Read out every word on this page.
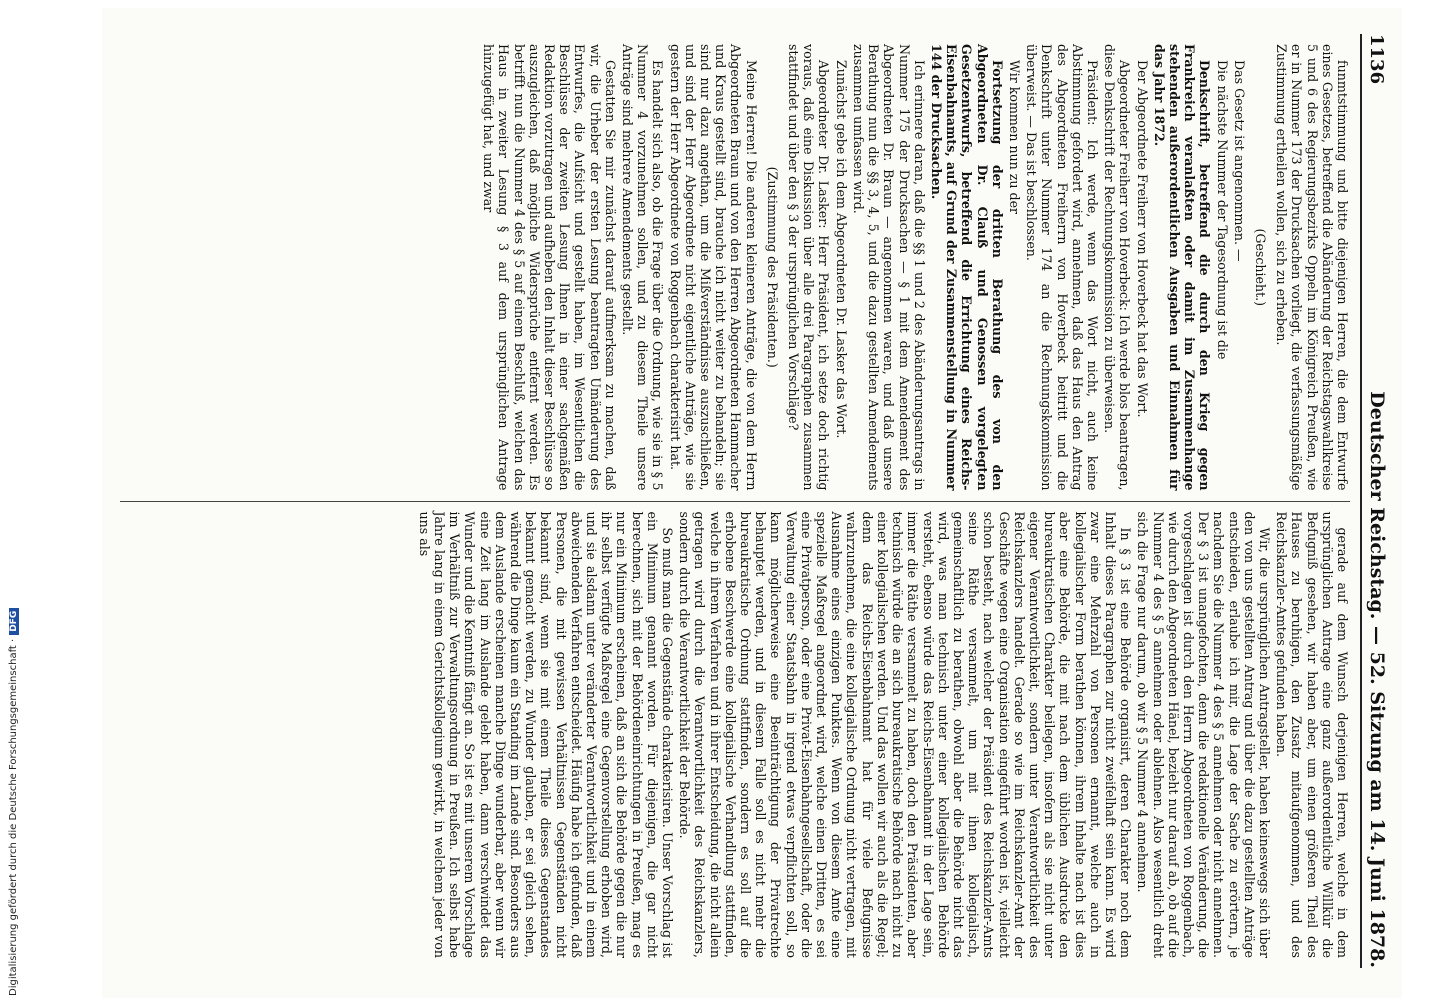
1136
Deutscher Reichstag. — 52. Sitzung am 14. Juni 1878.

funmtstimmung und bitte diejenigen Herren, die dem Entwurfe eines Gesetzes, betreffend die Abänderung der Reichstagswahlkreise 5 und 6 des Regierungsbezirks Oppeln im Königreich Preußen, wie er in Nummer 173 der Drucksachen vorliegt, die verfassungsmäßige Zustimmung ertheilen wollen, sich zu erheben.

(Geschieht.)

Das Gesetz ist angenommen. —

Die nächste Nummer der Tagesordnung ist die

Denkschrift, betreffend die durch den Krieg gegen Frankreich veranlaßten oder damit im Zusammenhange stehenden außerordentlichen Ausgaben und Einnahmen für das Jahr 1872.

Der Abgeordnete Freiherr von Hoverbeck hat das Wort.

Abgeordneter Freiherr von Hoverbeck: Ich werde blos beantragen, diese Denkschrift der Rechnungskommission zu überweisen.

Präsident: Ich werde, wenn das Wort nicht, auch keine Abstimmung gefordert wird, annehmen, daß das Haus den Antrag des Abgeordneten Freiherrn von Hoverbeck beitritt und die Denkschrift unter Nummer 174 an die Rechnungskommission überweist. — Das ist beschlossen.

Wir kommen nun zu der

Fortsetzung der dritten Berathung des von den Abgeordneten Dr. Clauß und Genossen vorgelegten Gesetzentwurfs, betreffend die Errichtung eines Reichs-Eisenbahnamts, auf Grund der Zusammenstellung in Nummer 144 der Drucksachen.

Ich erinnere daran, daß die §§ 1 und 2 des Abänderungsantrags in Nummer 175 der Drucksachen — § 1 mit dem Amendement des Abgeordneten Dr. Braun — angenommen waren, und daß unsere Berathung nun die §§ 3, 4, 5, und die dazu gestellten Amendements zusammen umfassen wird.

Zunächst gebe ich dem Abgeordneten Dr. Lasker das Wort.

Abgeordneter Dr. Lasker: Herr Präsident, ich setze doch richtig voraus, daß eine Diskussion über alle drei Paragraphen zusammen stattfindet und über den § 3 der ursprünglichen Vorschläge?

(Zustimmung des Präsidenten.)

Meine Herren! Die anderen kleineren Anträge, die von dem Herrn Abgeordneten Braun und von den Herren Abgeordneten Hammacher und Kraus gestellt sind, brauche ich nicht weiter zu behandeln; sie sind nur dazu angethan, um die Mißverständnisse auszuschließen, und sind der Herr Abgeordnete nicht eigentliche Anträge, wie sie gestern der Herr Abgeordnete von Roggenbach charakterisirt hat.

Es handelt sich also, ob die Frage über die Ordnung, wie sie in § 5 Nummer 4 vorzunehmen sollen, und zu diesem Theile unsere Anträge sind mehrere Amendements gestellt.

Gestatten Sie mir zunächst darauf aufmerksam zu machen, daß wir, die Urheber der ersten Lesung beantragten Umänderung des Entwurfes, die Aufsicht und gestellt haben, im Wesentlichen die Beschlüsse der zweiten Lesung Ihnen in einer sachgemäßen Redaktion vorzutragen und aufheben den Inhalt dieser Beschlüsse so auszugleichen, daß mögliche Widersprüche entfernt werden. Es betrifft nun die Nummer 4 des § 5 auf einem Beschluß, welchen das Haus in zweiter Lesung § 3 auf dem ursprünglichen Antrage hinzugefügt hat, und zwar

gerade auf dem Wunsch derjenigen Herren, welche in dem ursprünglichen Antrage eine ganz außerordentliche Willkür die Befugniß gesehen, wir haben aber, um einen größeren Theil des Hauses zu beruhigen, den Zusatz mitaufgenommen, und des Reichskanzler-Amtes gefunden haben.

Wir, die ursprünglichen Antragsteller, haben keineswegs sich über den von uns gestellten Antrag und über die dazu gestellten Anträge entschieden, erlaube ich mir, die Lage der Sache zu erörtern, je nachdem Sie die Nummer 4 des § 5 annehmen oder nicht annehmen. Der § 3 ist unangefochten, denn die redaktionelle Veränderung, die vorgeschlagen ist durch den Herrn Abgeordneten von Roggenbach, wie durch den Abgeordneten Hänel, bezieht nur darauf ab, ob auf die Nummer 4 des § 5 annehmen oder ablehnen. Also wesentlich dreht sich die Frage nur darum, ob wir § 5 Nummer 4 annehmen.

In § 3 ist eine Behörde organisirt, deren Charakter noch dem Inhalt dieses Paragraphen zur nicht zweifelhaft sein kann. Es wird zwar eine Mehrzahl von Personen ernannt, welche auch in kollegialischer Form berathen können, ihrem Inhalte nach ist dies aber eine Behörde, die mit nach dem üblichen Ausdrucke den bureaukratischen Charakter beilegen, insofern als sie nicht unter eigener Verantwortlichkeit, sondern unter Verantwortlichkeit des Reichskanzlers handelt. Gerade so wie im Reichskanzler-Amt der Geschäfte wegen eine Organisation eingeführt worden ist, vielleicht schon besteht, nach welcher der Präsident des Reichskanzler-Amts seine Räthe versammelt, um mit ihnen kollegialisch, gemeinschaftlich zu berathen, obwohl aber die Behörde nicht das wird, was man technisch unter einer kollegialischen Behörde versteht, ebenso würde das Reichs-Eisenbahnamt in der Lage sein, immer die Räthe versammelt zu haben, doch den Präsidenten, aber technisch würde die an sich bureaukratische Behörde nach nicht zu einer kollegialischen werden. Und das wollen wir auch als die Regel; denn das Reichs-Eisenbahnamt hat für viele Befugnisse wahrzunehmen, die eine kollegialische Ordnung nicht vertragen, mit Ausnahme eines einzigen Punktes. Wenn von diesem Amte eine spezielle Maßregel angeordnet wird, welche einen Dritten, es sei eine Privatperson, oder eine Privat-Eisenbahngesellschaft, oder die Verwaltung einer Staatsbahn in irgend etwas verpflichten soll, so kann möglicherweise eine Beeinträchtigung der Privatrechte behauptet werden, und in diesem Falle soll es nicht mehr die bureaukratische Ordnung stattfinden, sondern es soll auf die erhobene Beschwerde eine kollegialische Verhandlung stattfinden, welche in ihrem Verfahren und in ihrer Entscheidung, die nicht allein getragen wird durch die Verantwortlichkeit des Reichskanzlers, sondern durch die Verantwortlichkeit der Behörde.

So muß man die Gegenstände charakterisiren. Unser Vorschlag ist ein Minimum genannt worden. Für diejenigen, die gar nicht berechnen, sich mit der Behördeneinrichtungen in Preußen, mag es nur ein Minimum erscheinen, daß an sich die Behörde gegen die nur ihr selbst verfügte Maßregel eine Gegenvorstellung erhoben wird, und sie alsdann unter veränderter Verantwortlichkeit und in einem abweichenden Verfahren entscheidet. Häufig habe ich gefunden, daß Personen, die mit gewissen Verhältnissen Gegenständen nicht bekannt sind, wenn sie mit einem Theile dieses Gegenstandes bekannt gemacht werden, zu Wunder glauben, er sei gleich sehen, während die Dinge kaum ein Standing im Lande sind. Besonders aus dem Auslande erscheinen manche Dinge wunderbar, aber wenn wir eine Zeit lang im Auslande gelebt haben, dann verschwindet das Wunder und die Kenntniß fängt an. So ist es mit unserem Vorschlage im Verhältniß zur Verwaltungsordnung in Preußen. Ich selbst habe Jahre lang in einem Gerichtskollegium gewirkt, in welchem jeder von uns als

Digitalisierung gefördert durch die Deutsche Forschungsgemeinschaft ·
DFG
